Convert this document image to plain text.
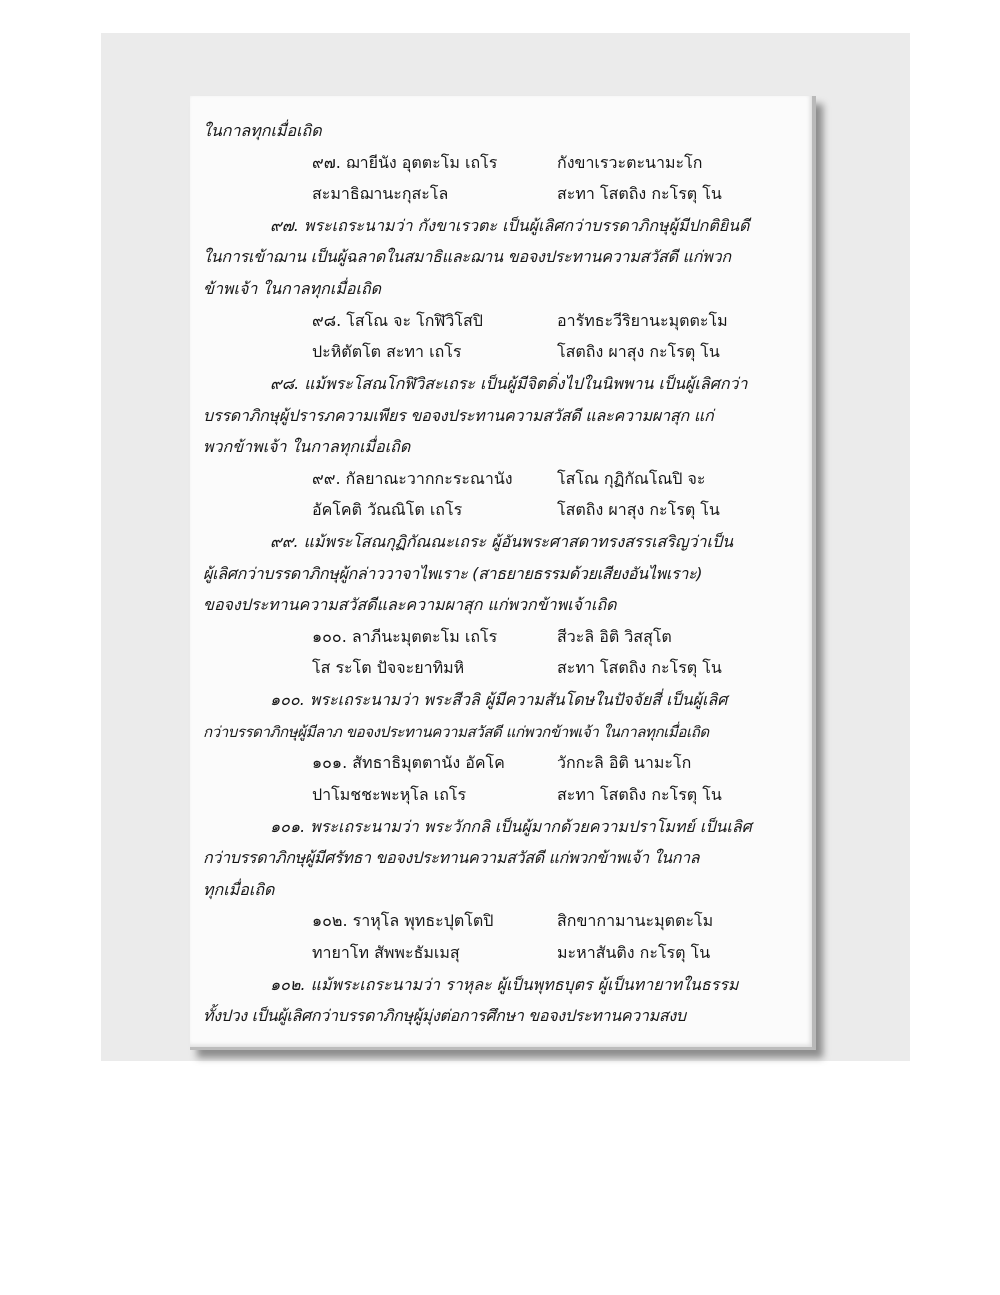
ในกาลทุกเมื่อเถิด
๙๗. ฌายีนัง อุตตะโม เถโร	กังขาเรวะตะนามะโก
สะมาธิฌานะกุสะโล	สะทา โสตถิง กะโรตุ โน
๙๗. พระเถระนามว่า กังขาเรวตะ เป็นผู้เลิศกว่าบรรดาภิกษุผู้มีปกติยินดี
ในการเข้าฌาน เป็นผู้ฉลาดในสมาธิและฌาน ขอจงประทานความสวัสดี แก่พวก
ข้าพเจ้า ในกาลทุกเมื่อเถิด
๙๘. โสโณ จะ โกฬิวิโสปิ	อารัทธะวีริยานะมุตตะโม
ปะหิตัตโต สะทา เถโร	โสตถิง ผาสุง กะโรตุ โน
๙๘. แม้พระโสณโกฬิวิสะเถระ เป็นผู้มีจิตดิ่งไปในนิพพาน เป็นผู้เลิศกว่า
บรรดาภิกษุผู้ปรารภความเพียร ขอจงประทานความสวัสดี และความผาสุก แก่
พวกข้าพเจ้า ในกาลทุกเมื่อเถิด
๙๙. กัลยาณะวากกะระณานัง	โสโณ กุฏิกัณโณปิ จะ
อัคโคติ วัณณิโต เถโร	โสตถิง ผาสุง กะโรตุ โน
๙๙. แม้พระโสณกุฏิกัณณะเถระ ผู้อันพระศาสดาทรงสรรเสริญว่าเป็น
ผู้เลิศกว่าบรรดาภิกษุผู้กล่าววาจาไพเราะ (สาธยายธรรมด้วยเสียงอันไพเราะ)
ขอจงประทานความสวัสดีและความผาสุก แก่พวกข้าพเจ้าเถิด
๑๐๐. ลาภีนะมุตตะโม เถโร	สีวะลิ อิติ วิสสุโต
โส ระโต ปัจจะยาทิมหิ	สะทา โสตถิง กะโรตุ โน
๑๐๐. พระเถระนามว่า พระสีวลิ ผู้มีความสันโดษในปัจจัยสี่ เป็นผู้เลิศ
กว่าบรรดาภิกษุผู้มีลาภ ขอจงประทานความสวัสดี แก่พวกข้าพเจ้า ในกาลทุกเมื่อเถิด
๑๐๑. สัทธาธิมุตตานัง อัคโค	วักกะลิ อิติ นามะโก
ปาโมชชะพะหุโล เถโร	สะทา โสตถิง กะโรตุ โน
๑๐๑. พระเถระนามว่า พระวักกลิ เป็นผู้มากด้วยความปราโมทย์ เป็นเลิศ
กว่าบรรดาภิกษุผู้มีศรัทธา ขอจงประทานความสวัสดี แก่พวกข้าพเจ้า ในกาล
ทุกเมื่อเถิด
๑๐๒. ราหุโล พุทธะปุตโตปิ	สิกขากามานะมุตตะโม
ทายาโท สัพพะธัมเมสุ	มะหาสันติง กะโรตุ โน
๑๐๒. แม้พระเถระนามว่า ราหุละ ผู้เป็นพุทธบุตร ผู้เป็นทายาทในธรรม
ทั้งปวง เป็นผู้เลิศกว่าบรรดาภิกษุผู้มุ่งต่อการศึกษา ขอจงประทานความสงบ
